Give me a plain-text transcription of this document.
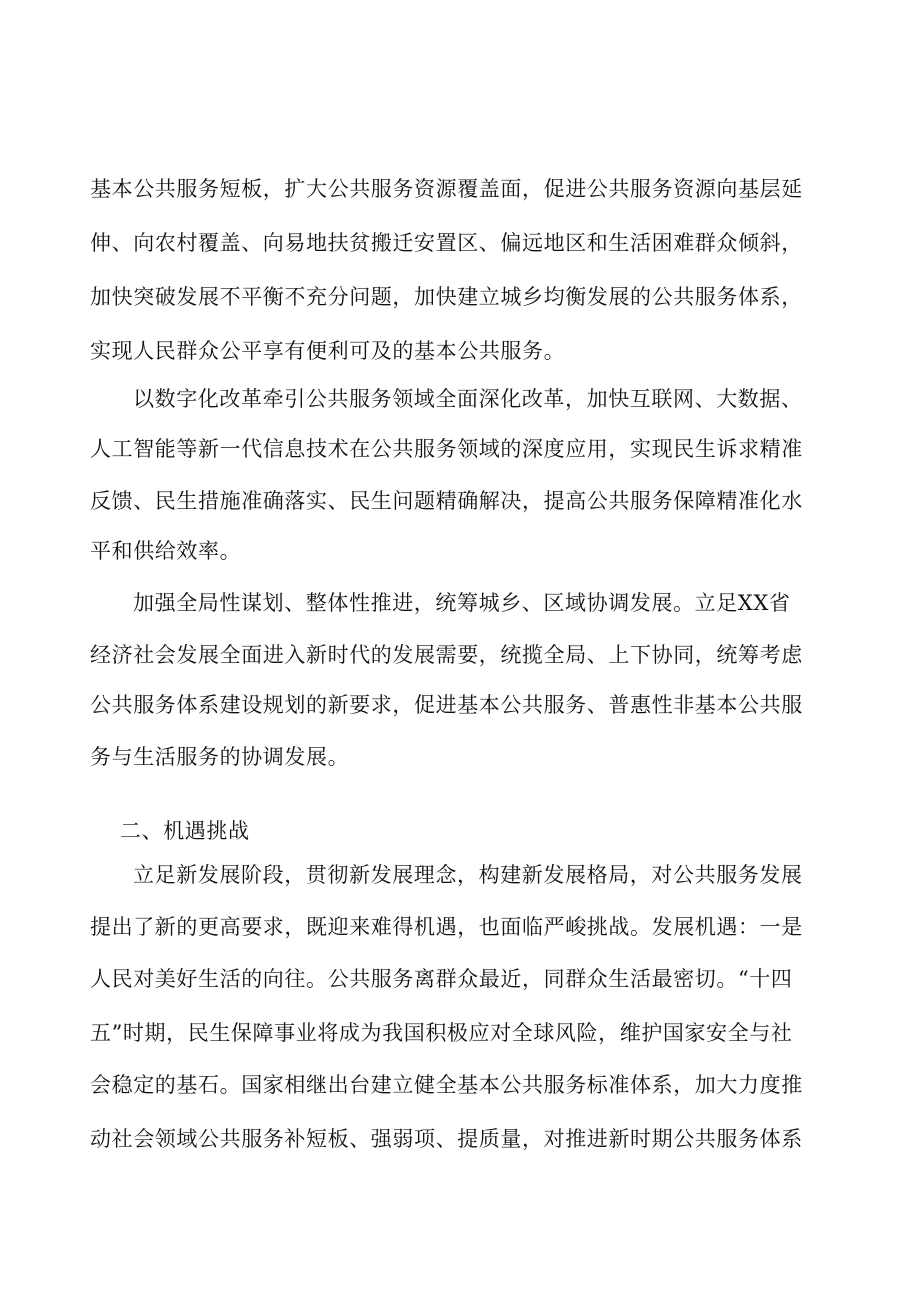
基本公共服务短板，扩大公共服务资源覆盖面，促进公共服务资源向基层延
伸、向农村覆盖、向易地扶贫搬迁安置区、偏远地区和生活困难群众倾斜，
加快突破发展不平衡不充分问题，加快建立城乡均衡发展的公共服务体系，
实现人民群众公平享有便利可及的基本公共服务。
以数字化改革牵引公共服务领域全面深化改革，加快互联网、大数据、
人工智能等新一代信息技术在公共服务领域的深度应用，实现民生诉求精准
反馈、民生措施准确落实、民生问题精确解决，提高公共服务保障精准化水
平和供给效率。
加强全局性谋划、整体性推进，统筹城乡、区域协调发展。立足XX省
经济社会发展全面进入新时代的发展需要，统揽全局、上下协同，统筹考虑
公共服务体系建设规划的新要求，促进基本公共服务、普惠性非基本公共服
务与生活服务的协调发展。
二、机遇挑战
立足新发展阶段，贯彻新发展理念，构建新发展格局，对公共服务发展
提出了新的更高要求，既迎来难得机遇，也面临严峻挑战。发展机遇：一是
人民对美好生活的向往。公共服务离群众最近，同群众生活最密切。“十四
五”时期，民生保障事业将成为我国积极应对全球风险，维护国家安全与社
会稳定的基石。国家相继出台建立健全基本公共服务标准体系，加大力度推
动社会领域公共服务补短板、强弱项、提质量，对推进新时期公共服务体系
